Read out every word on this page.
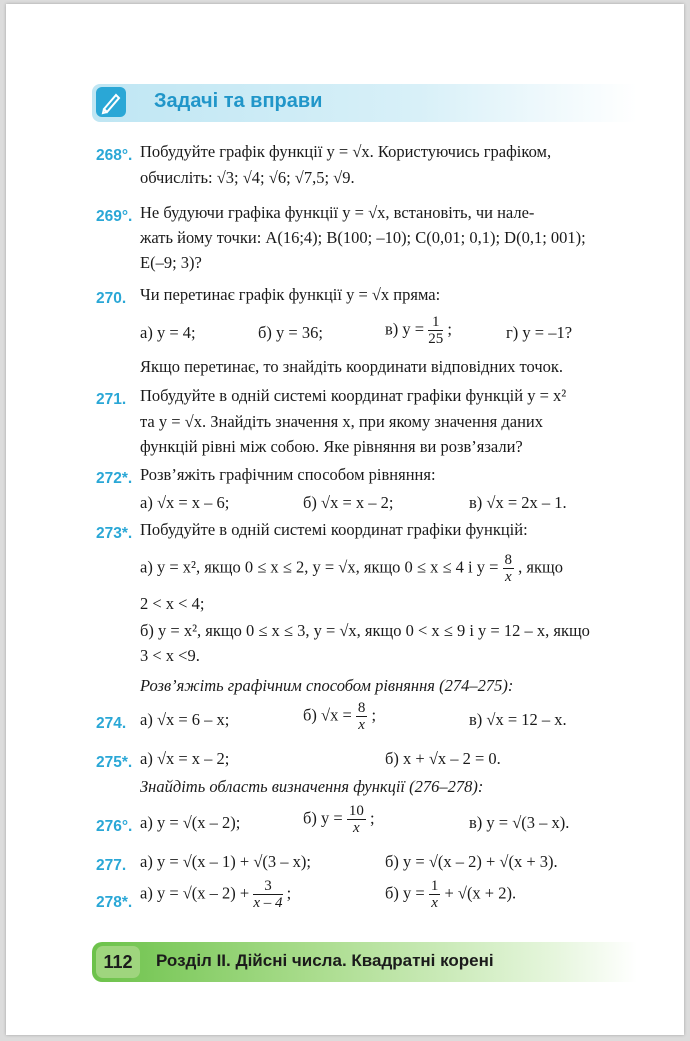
Задачі та вправи
268°. Побудуйте графік функції y = √x. Користуючись графіком,
обчисліть: √3; √4; √6; √7,5; √9.
269°. Не будуючи графіка функції y = √x, встановіть, чи нале-
жать йому точки: A(16;4); B(100; –10); C(0,01; 0,1); D(0,1; 001);
E(–9; 3)?
270. Чи перетинає графік функції y = √x пряма:
а) y = 4;	б) y = 36;	в) $y = \frac{1}{25}$ ;	г) y = –1?
Якщо перетинає, то знайдіть координати відповідних точок.
271. Побудуйте в одній системі координат графіки функцій y = x²
та y = √x. Знайдіть значення x, при якому значення даних
функцій рівні між собою. Яке рівняння ви розв’язали?
272*. Розв’яжіть графічним способом рівняння:
а) √x = x – 6;	б) √x = x – 2;	в) √x = 2x – 1.
273*. Побудуйте в одній системі координат графіки функцій:
а) y = x², якщо 0 ≤ x ≤ 2, y = √x, якщо 0 ≤ x ≤ 4 і $y = \frac{8}{x}$ , якщо
2 < x < 4;
б) y = x², якщо 0 ≤ x ≤ 3, y = √x, якщо 0 < x ≤ 9 і y = 12 – x, якщо
3 < x <9.
Розв’яжіть графічним способом рівняння (274–275):
274. а) √x = 6 – x;	б) $√x = \frac{8}{x}$ ;	в) √x = 12 – x.
275*. а) √x = x – 2;	б) x + √x – 2 = 0.
Знайдіть область визначення функції (276–278):
276°. а) y = √(x – 2);	б) $y = \frac{10}{x}$ ;	в) y = √(3 – x).
277. а) y = √(x – 1) + √(3 – x);	б) y = √(x – 2) + √(x + 3).
278*.
а) $y = √(x - 2) + \frac{3}{x - 4}$ ;	б) $y = \frac{1}{x} + √(x + 2)$.
112	Розділ ІІ. Дійсні числа. Квадратні корені
